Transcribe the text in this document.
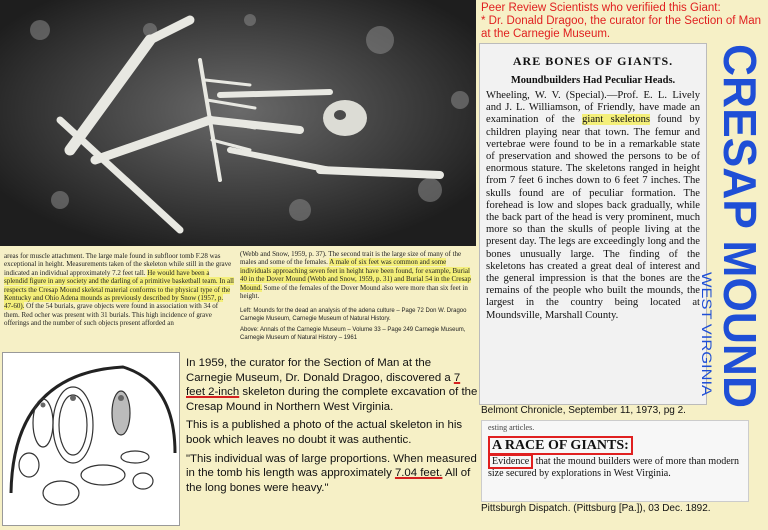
areas for muscle attachment. The large male found in subfloor tomb F.28 was exceptional in height. Measurements taken of the skeleton while still in the grave indicated an individual approximately 7.2 feet tall. He would have been a splendid figure in any society and the darling of a primitive basketball team. In all respects the Cresap Mound skeletal material conforms to the physical type of the Kentucky and Ohio Adena mounds as previously described by Snow (1957, p. 47-60). Of the 54 burials, grave objects were found in association with 34 of them. Red ocher was present with 31 burials. This high incidence of grave offerings and the number of such objects present afforded an
(Webb and Snow, 1959, p. 37). The second trait is the large size of many of the males and some of the females. A male of six feet was common and some individuals approaching seven feet in height have been found, for example, Burial 40 in the Dover Mound (Webb and Snow, 1959, p. 31) and Burial 54 in the Cresap Mound. Some of the females of the Dover Mound also were more than six feet in height.
Left: Mounds for the dead an analysis of the adena culture – Page 72 Don W. Dragoo Carnegie Museum, Carnegie Museum of Natural History.
Above: Annals of the Carnegie Museum – Volume 33 – Page 249 Carnegie Museum, Carnegie Museum of Natural History – 1961

In 1959, the curator for the Section of Man at the Carnegie Museum, Dr. Donald Dragoo, discovered a 7 feet 2-inch skeleton during the complete excavation of the Cresap Mound in Northern West Virginia.

This is a published a photo of the actual skeleton in his book which leaves no doubt it was authentic.

"This individual was of large proportions. When measured in the tomb his length was approximately 7.04 feet. All of the long bones were heavy."

Peer Review Scientists who verifiied this Giant:
* Dr. Donald Dragoo, the curator for the Section of Man at the Carnegie Museum.
ARE BONES OF GIANTS.
Moundbuilders Had Peculiar Heads.
Wheeling, W. V. (Special).—Prof. E. L. Lively and J. L. Williamson, of Friendly, have made an examination of the giant skeletons found by children playing near that town. The femur and vertebrae were found to be in a remarkable state of preservation and showed the persons to be of enormous stature. The skeletons ranged in height from 7 feet 6 inches down to 6 feet 7 inches. The skulls found are of peculiar formation. The forehead is low and slopes back gradually, while the back part of the head is very prominent, much more so than the skulls of people living at the present day. The legs are exceedingly long and the bones unusually large. The finding of the skeletons has created a great deal of interest and the general impression is that the bones are the remains of the people who built the mounds, the largest in the country being located at Moundsville, Marshall County.
Belmont Chronicle, September 11, 1973, pg 2. CRESAP MOUND
WEST VIRGINIA
esting articles.
A RACE OF GIANTS:
Evidence that the mound builders were of more than modern size secured by explorations in West Virginia.
Pittsburgh Dispatch. (Pittsburg [Pa.]), 03 Dec. 1892.
